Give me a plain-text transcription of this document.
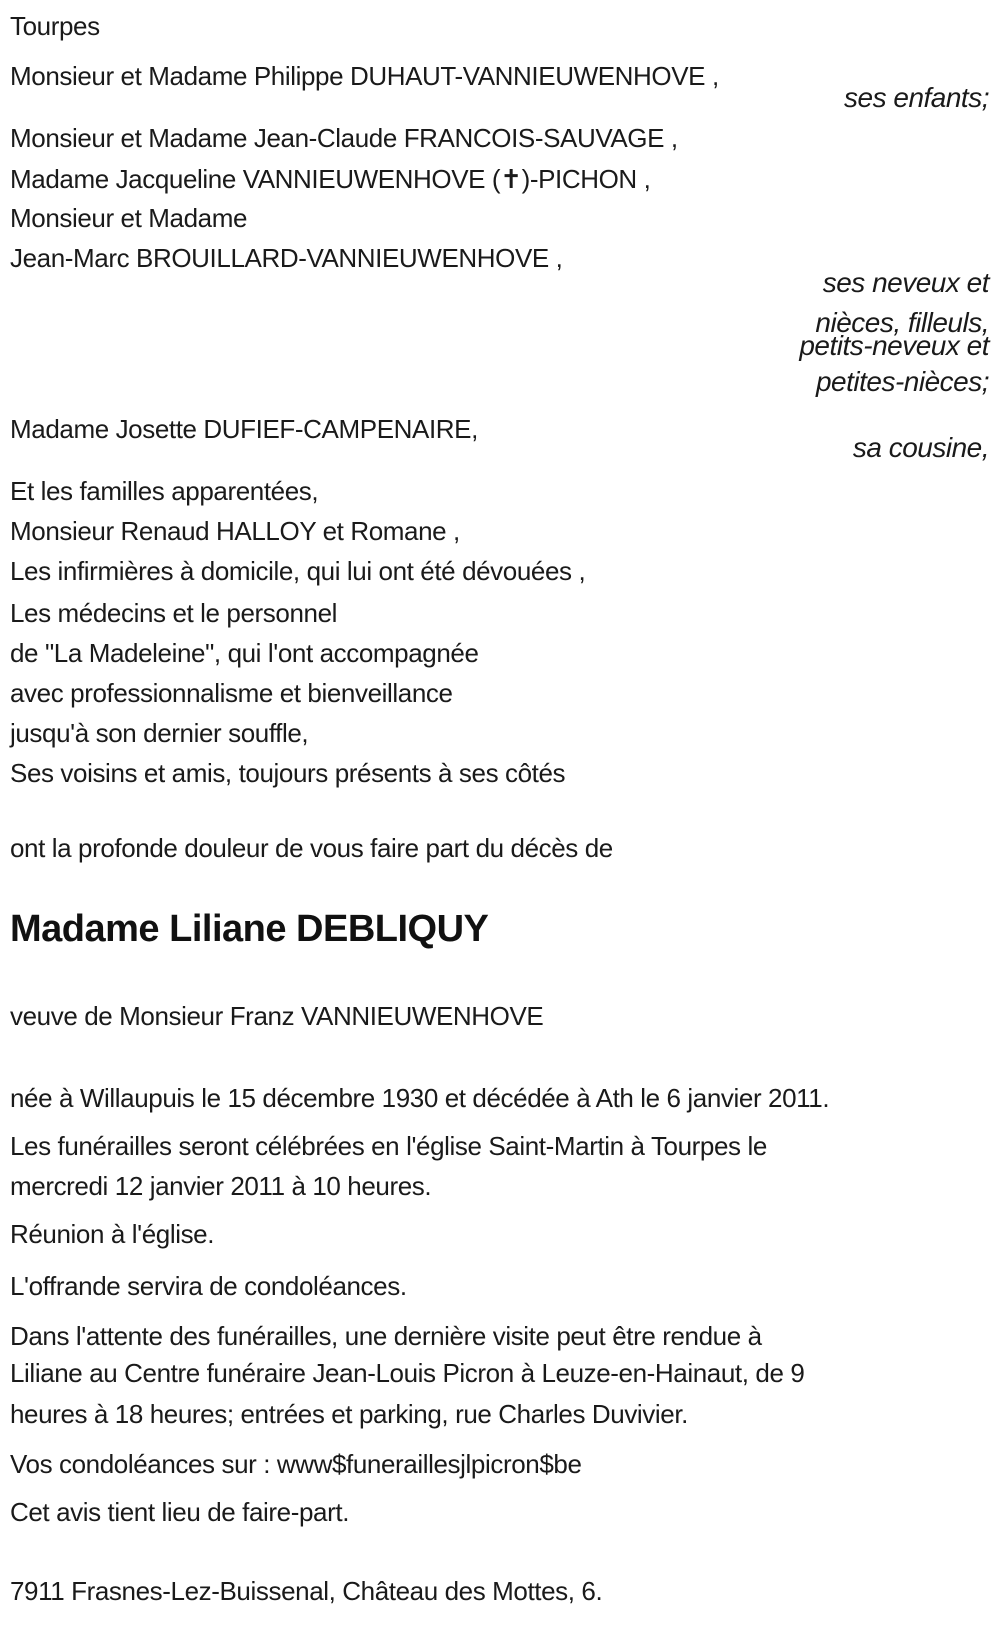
Tourpes
Monsieur et Madame Philippe DUHAUT-VANNIEUWENHOVE ,
ses enfants;
Monsieur et Madame Jean-Claude FRANCOIS-SAUVAGE ,
Madame Jacqueline VANNIEUWENHOVE (✝)-PICHON ,
Monsieur et Madame
Jean-Marc BROUILLARD-VANNIEUWENHOVE ,
ses neveux et
nièces, filleuls,
petits-neveux et
petites-nièces;
Madame Josette DUFIEF-CAMPENAIRE,
sa cousine,
Et les familles apparentées,
Monsieur Renaud HALLOY et Romane ,
Les infirmières à domicile, qui lui ont été dévouées ,
Les médecins et le personnel
de "La Madeleine", qui l'ont accompagnée
avec professionnalisme et bienveillance
jusqu'à son dernier souffle,
Ses voisins et amis, toujours présents à ses côtés
ont la profonde douleur de vous faire part du décès de
Madame Liliane DEBLIQUY
veuve de Monsieur Franz VANNIEUWENHOVE
née à Willaupuis le 15 décembre 1930 et décédée à Ath le 6 janvier 2011.
Les funérailles seront célébrées en l'église Saint-Martin à Tourpes le
mercredi 12 janvier 2011 à 10 heures.
Réunion à l'église.
L'offrande servira de condoléances.
Dans l'attente des funérailles, une dernière visite peut être rendue à
Liliane au Centre funéraire Jean-Louis Picron à Leuze-en-Hainaut, de 9
heures à 18 heures; entrées et parking, rue Charles Duvivier.
Vos condoléances sur : www$funeraillesjlpicron$be
Cet avis tient lieu de faire-part.
7911 Frasnes-Lez-Buissenal, Château des Mottes, 6.
